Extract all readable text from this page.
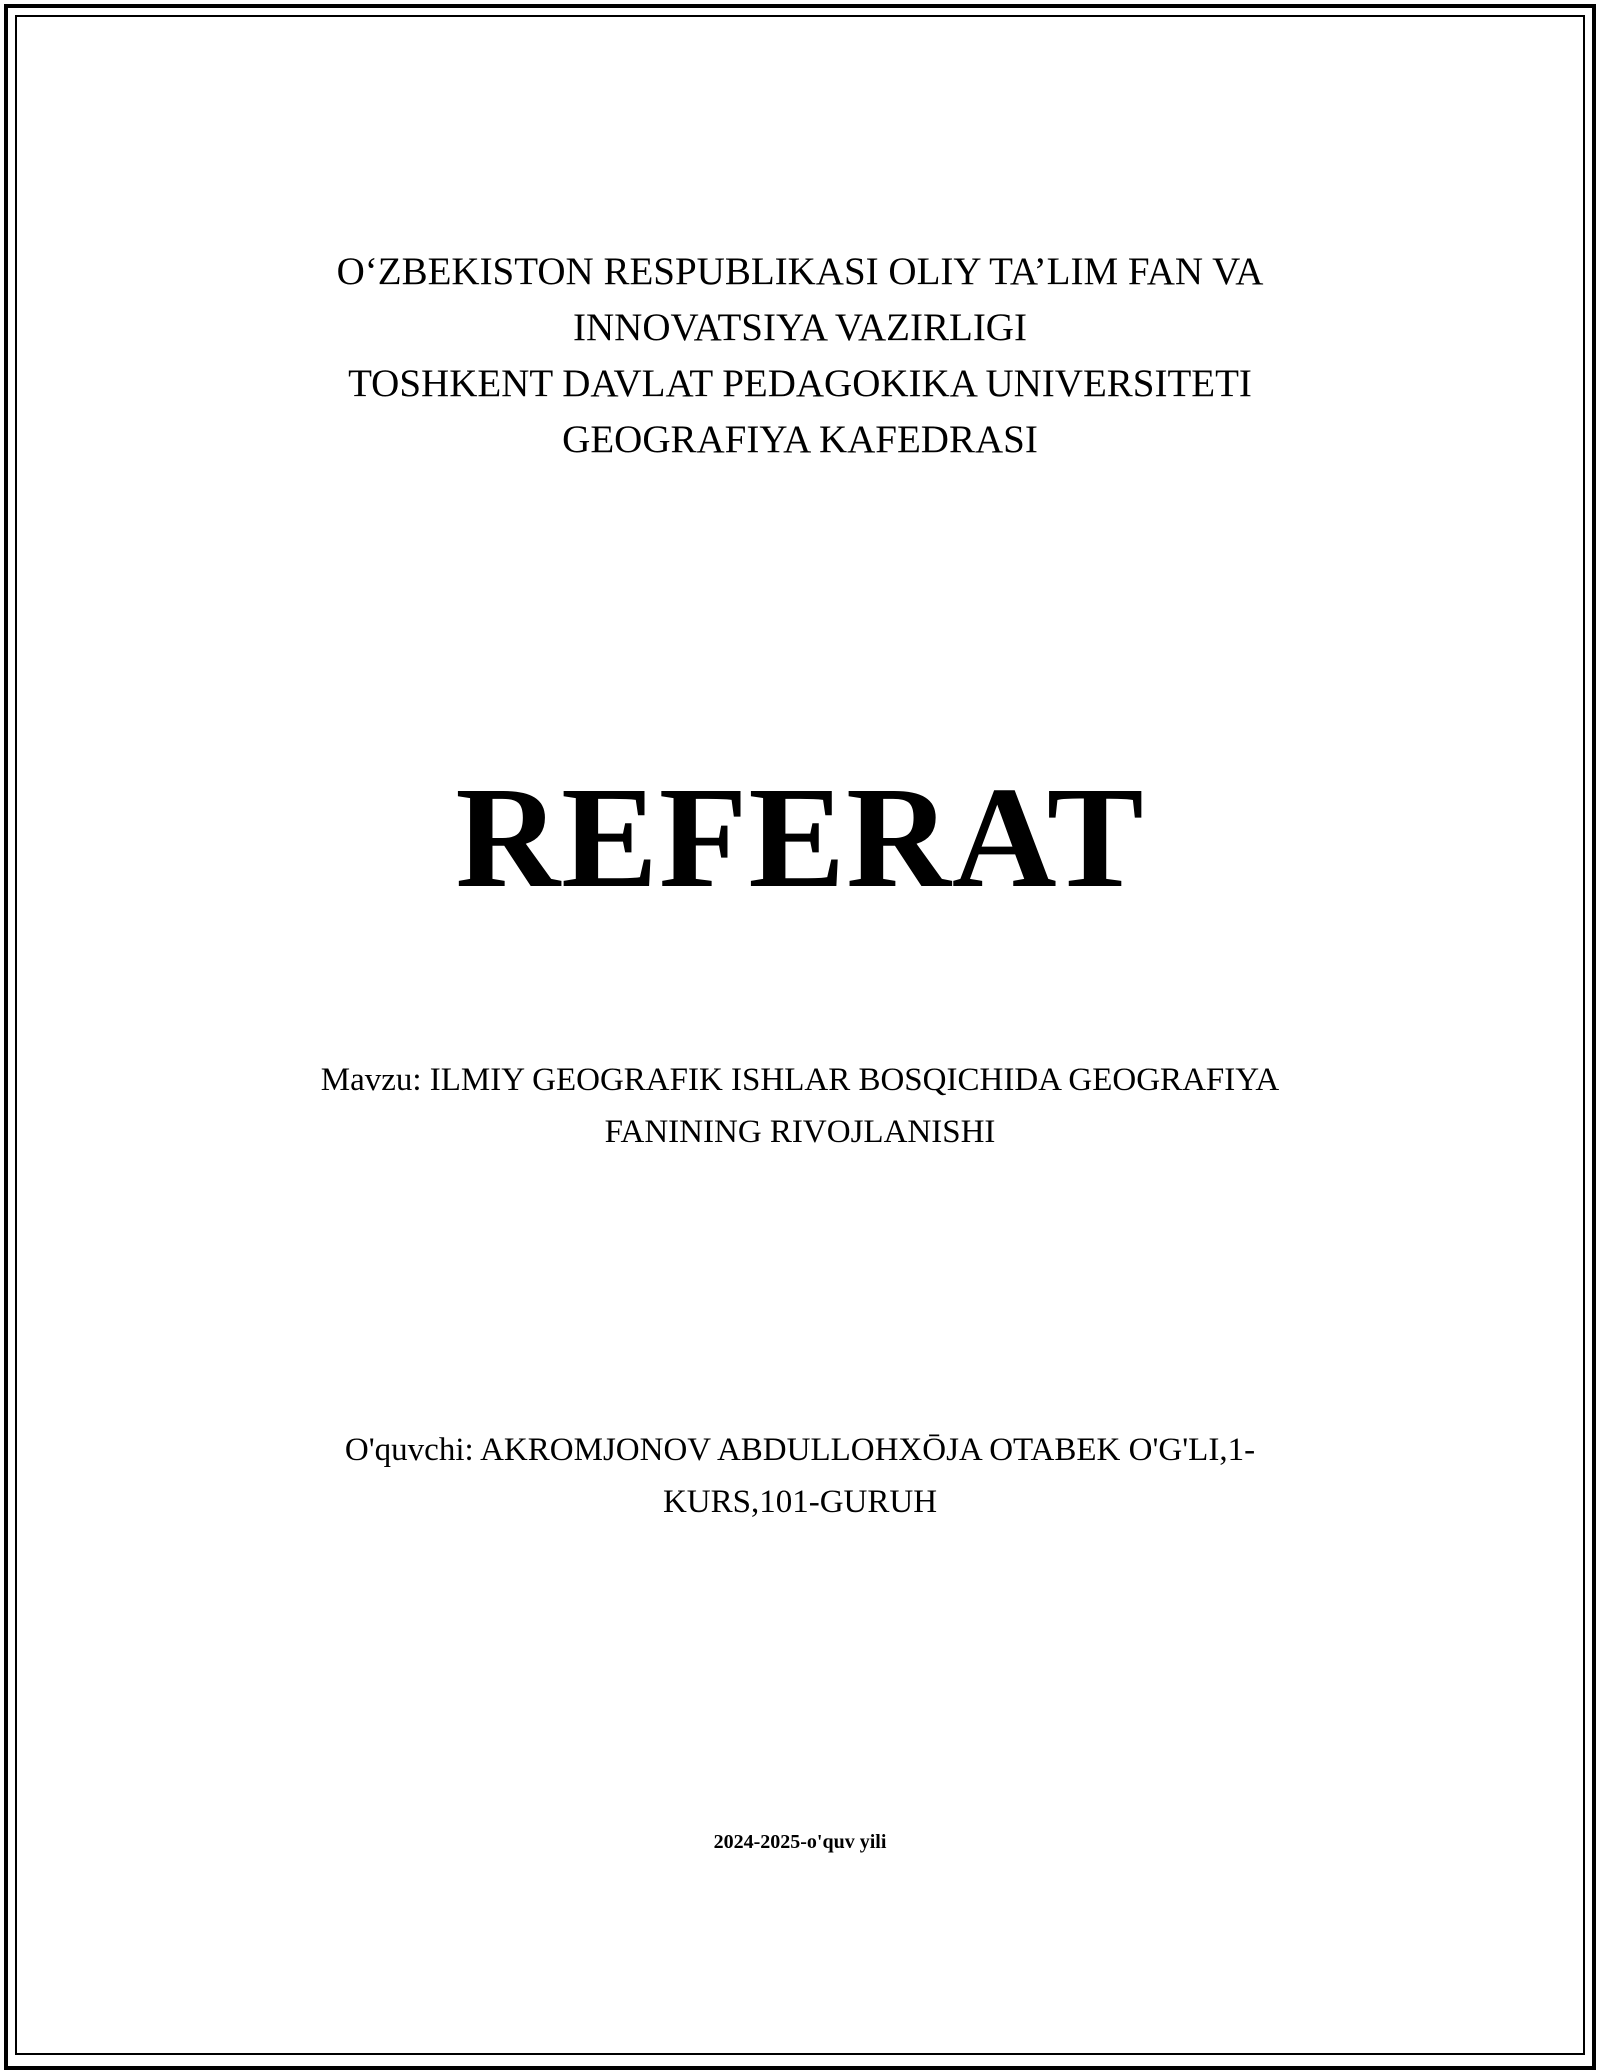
O‘ZBEKISTON RESPUBLIKASI OLIY TA’LIM FAN VA
INNOVATSIYA VAZIRLIGI
TOSHKENT DAVLAT PEDAGOKIKA UNIVERSITETI
GEOGRAFIYA KAFEDRASI
REFERAT
Mavzu: ILMIY GEOGRAFIK ISHLAR BOSQICHIDA GEOGRAFIYA
FANINING RIVOJLANISHI
O'quvchi: AKROMJONOV ABDULLOHXŌJA OTABEK O'G'LI,1-
KURS,101-GURUH
2024-2025-o'quv yili
